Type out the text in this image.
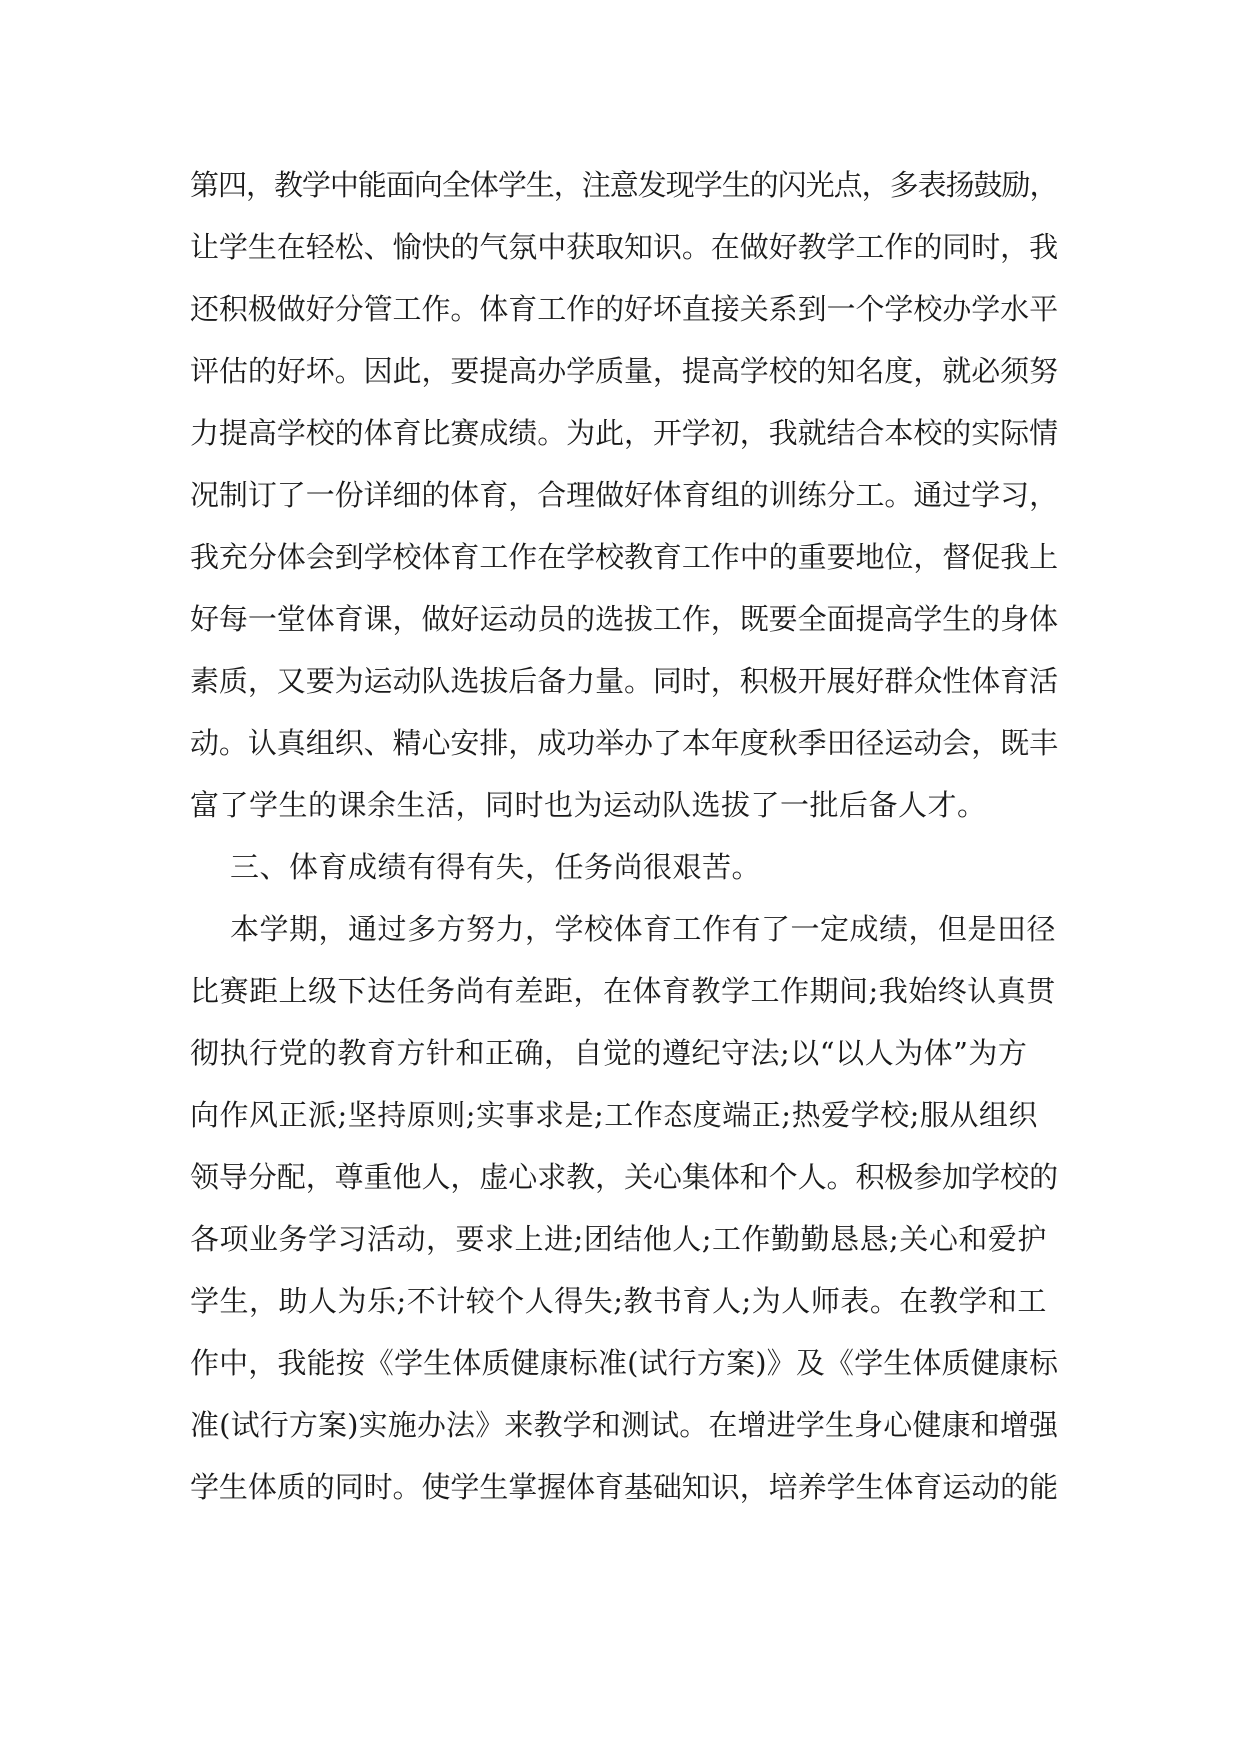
第四，教学中能面向全体学生，注意发现学生的闪光点，多表扬鼓励，
让学生在轻松、愉快的气氛中获取知识。在做好教学工作的同时，我
还积极做好分管工作。体育工作的好坏直接关系到一个学校办学水平
评估的好坏。因此，要提高办学质量，提高学校的知名度，就必须努
力提高学校的体育比赛成绩。为此，开学初，我就结合本校的实际情
况制订了一份详细的体育，合理做好体育组的训练分工。通过学习，
我充分体会到学校体育工作在学校教育工作中的重要地位，督促我上
好每一堂体育课，做好运动员的选拔工作，既要全面提高学生的身体
素质，又要为运动队选拔后备力量。同时，积极开展好群众性体育活
动。认真组织、精心安排，成功举办了本年度秋季田径运动会，既丰
富了学生的课余生活，同时也为运动队选拔了一批后备人才。
三、体育成绩有得有失，任务尚很艰苦。
本学期，通过多方努力，学校体育工作有了一定成绩，但是田径
比赛距上级下达任务尚有差距，在体育教学工作期间;我始终认真贯
彻执行党的教育方针和正确，自觉的遵纪守法;以“以人为体”为方
向作风正派;坚持原则;实事求是;工作态度端正;热爱学校;服从组织
领导分配，尊重他人，虚心求教，关心集体和个人。积极参加学校的
各项业务学习活动，要求上进;团结他人;工作勤勤恳恳;关心和爱护
学生，助人为乐;不计较个人得失;教书育人;为人师表。在教学和工
作中，我能按《学生体质健康标准(试行方案)》及《学生体质健康标
准(试行方案)实施办法》来教学和测试。在增进学生身心健康和增强
学生体质的同时。使学生掌握体育基础知识，培养学生体育运动的能
